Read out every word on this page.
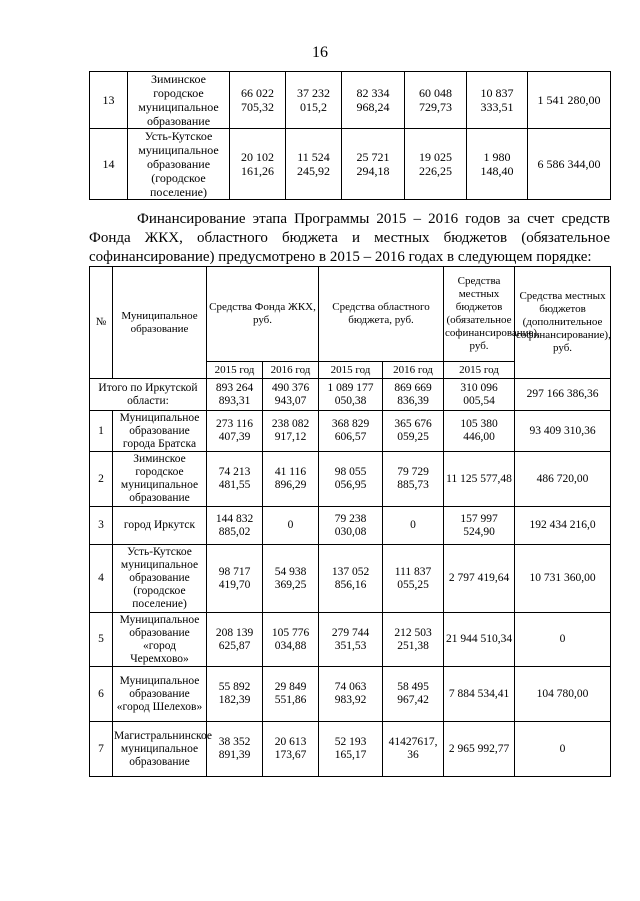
16
13	Зиминское городское муниципальное образование	66 022 705,32	37 232 015,2	82 334 968,24	60 048 729,73	10 837 333,51	1 541 280,00
14	Усть-Кутское муниципальное образование (городское поселение)	20 102 161,26	11 524 245,92	25 721 294,18	19 025 226,25	1 980 148,40	6 586 344,00
Финансирование этапа Программы 2015 – 2016 годов за счет средств Фонда ЖКХ, областного бюджета и местных бюджетов (обязательное софинансирование) предусмотрено в 2015 – 2016 годах в следующем порядке:
№	Муниципальное образование	Средства Фонда ЖКХ, руб.		Средства областного бюджета, руб.		Средства местных бюджетов (обязательное софинансирование), руб.	Средства местных бюджетов (дополнительное софинансирование), руб.
		2015 год	2016 год	2015 год	2016 год	2015 год	
Итого по Иркутской области:		893 264 893,31	490 376 943,07	1 089 177 050,38	869 669 836,39	310 096 005,54	297 166 386,36
1	Муниципальное образование города Братска	273 116 407,39	238 082 917,12	368 829 606,57	365 676 059,25	105 380 446,00	93 409 310,36
2	Зиминское городское муниципальное образование	74 213 481,55	41 116 896,29	98 055 056,95	79 729 885,73	11 125 577,48	486 720,00
3	город Иркутск	144 832 885,02	0	79 238 030,08	0	157 997 524,90	192 434 216,0
4	Усть-Кутское муниципальное образование (городское поселение)	98 717 419,70	54 938 369,25	137 052 856,16	111 837 055,25	2 797 419,64	10 731 360,00
5	Муниципальное образование «город Черемхово»	208 139 625,87	105 776 034,88	279 744 351,53	212 503 251,38	21 944 510,34	0
6	Муниципальное образование «город Шелехов»	55 892 182,39	29 849 551,86	74 063 983,92	58 495 967,42	7 884 534,41	104 780,00
7	Магистральнинское муниципальное образование	38 352 891,39	20 613 173,67	52 193 165,17	41427617, 36	2 965 992,77	0
